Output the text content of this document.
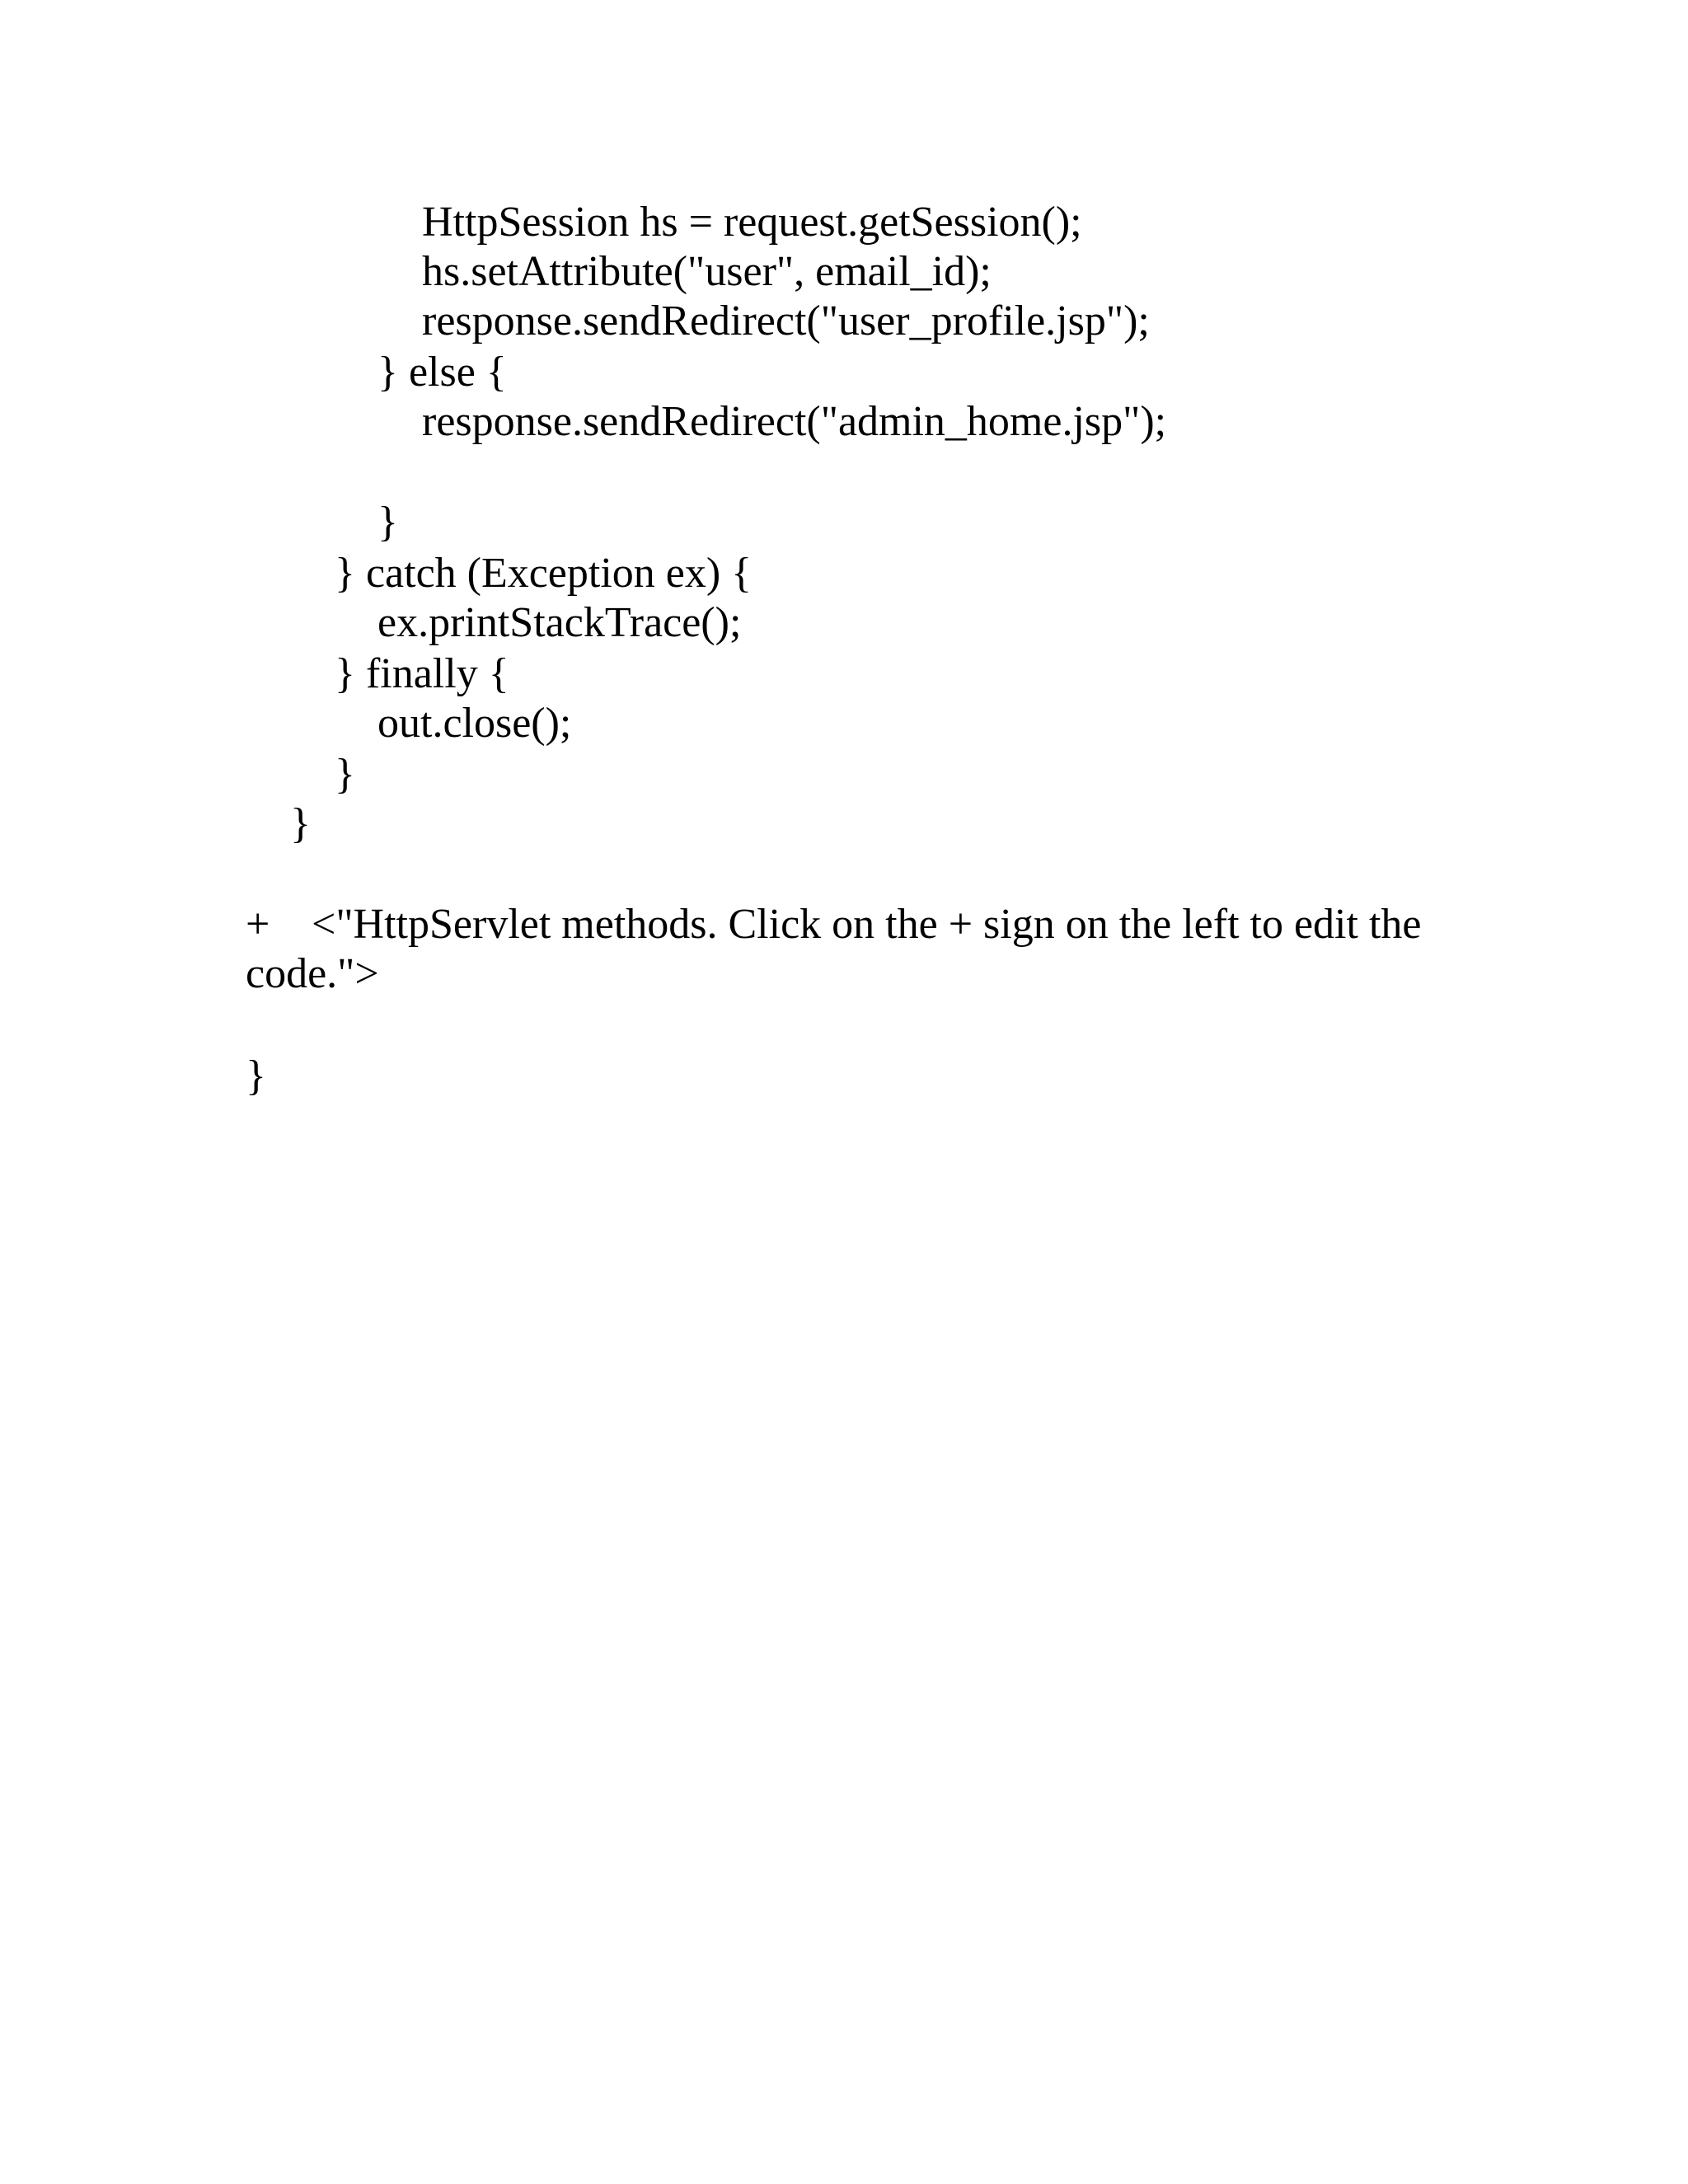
HttpSession hs = request.getSession();
hs.setAttribute("user", email_id);
response.sendRedirect("user_profile.jsp");
} else {
response.sendRedirect("admin_home.jsp");
}
} catch (Exception ex) {
ex.printStackTrace();
} finally {
out.close();
}
}
+ <"HttpServlet methods. Click on the + sign on the left to edit the
code.">
}
